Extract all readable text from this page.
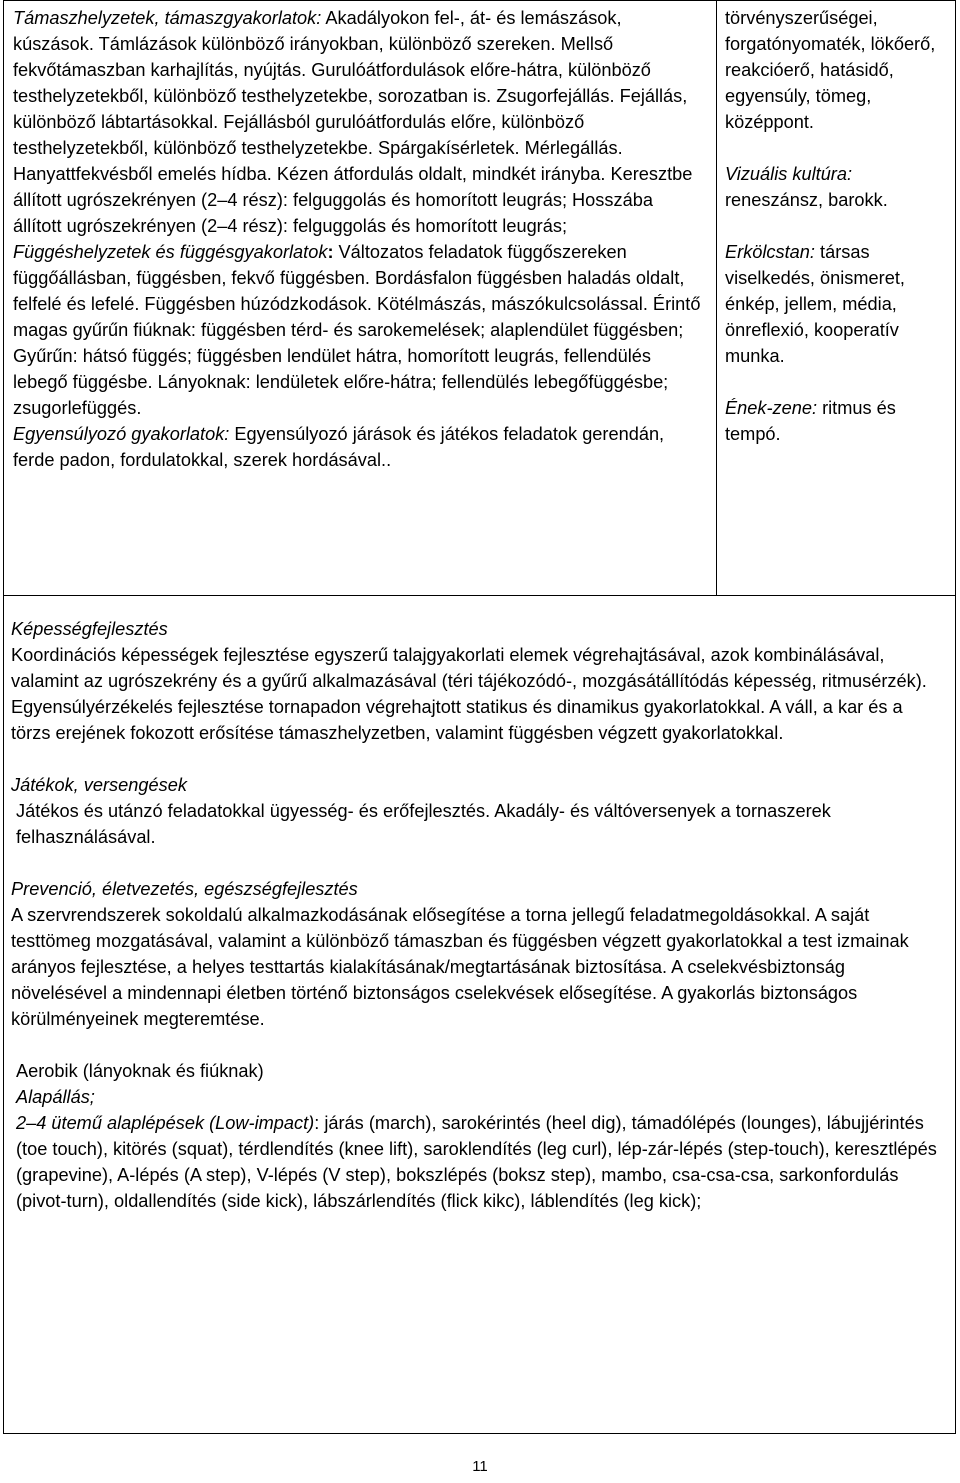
Támaszhelyzetek, támaszgyakorlatok: Akadályokon fel-, át- és lemászások, kúszások. Támlázások különböző irányokban, különböző szereken. Mellső fekvőtámaszban karhajlítás, nyújtás. Gurulóátfordulások előre-hátra, különböző testhelyzetekből, különböző testhelyzetekbe, sorozatban is. Zsugorfejállás. Fejállás, különböző lábtartásokkal. Fejállásból gurulóátfordulás előre, különböző testhelyzetekből, különböző testhelyzetekbe. Spárgakísérletek. Mérlegállás. Hanyattfekvésből emelés hídba. Kézen átfordulás oldalt, mindkét irányba. Keresztbe állított ugrószekrényen (2–4 rész): felguggolás és homorított leugrás; Hosszába állított ugrószekrényen (2–4 rész): felguggolás és homorított leugrás;
Függéshelyzetek és függésgyakorlatok: Változatos feladatok függőszereken függőállásban, függésben, fekvő függésben. Bordásfalon függésben haladás oldalt, felfelé és lefelé. Függésben húzódzkodások. Kötélmászás, mászókulcsolással. Érintő magas gyűrűn fiúknak: függésben térd- és sarokemelések; alaplendület függésben; Gyűrűn: hátsó függés; függésben lendület hátra, homorított leugrás, fellendülés lebegő függésbe. Lányoknak: lendületek előre-hátra; fellendülés lebegőfüggésbe; zsugorlefüggés.
Egyensúlyozó gyakorlatok: Egyensúlyozó járások és játékos feladatok gerendán, ferde padon, fordulatokkal, szerek hordásával..

törvényszerűségei, forgatónyomaték, lökőerő, reakcióerő, hatásidő, egyensúly, tömeg, középpont.

Vizuális kultúra: reneszánsz, barokk.

Erkölcstan: társas viselkedés, önismeret, énkép, jellem, média, önreflexió, kooperatív munka.

Ének-zene: ritmus és tempó.

Képességfejlesztés

Koordinációs képességek fejlesztése egyszerű talajgyakorlati elemek végrehajtásával, azok kombinálásával, valamint az ugrószekrény és a gyűrű alkalmazásával (téri tájékozódó-, mozgásátállítódás képesség, ritmusérzék). Egyensúlyérzékelés fejlesztése tornapadon végrehajtott statikus és dinamikus gyakorlatokkal. A váll, a kar és a törzs erejének fokozott erősítése támaszhelyzetben, valamint függésben végzett gyakorlatokkal.

Játékok, versengések

Játékos és utánzó feladatokkal ügyesség- és erőfejlesztés. Akadály- és váltóversenyek a tornaszerek felhasználásával.

Prevenció, életvezetés, egészségfejlesztés

A szervrendszerek sokoldalú alkalmazkodásának elősegítése a torna jellegű feladatmegoldásokkal. A saját testtömeg mozgatásával, valamint a különböző támaszban és függésben végzett gyakorlatokkal a test izmainak arányos fejlesztése, a helyes testtartás kialakításának/megtartásának biztosítása. A cselekvésbiztonság növelésével a mindennapi életben történő biztonságos cselekvések elősegítése. A gyakorlás biztonságos körülményeinek megteremtése.

Aerobik (lányoknak és fiúknak)

Alapállás;

2–4 ütemű alaplépések (Low-impact): járás (march), sarokérintés (heel dig), támadólépés (lounges), lábujjérintés (toe touch), kitörés (squat), térdlendítés (knee lift), saroklendítés (leg curl), lép-zár-lépés (step-touch), keresztlépés (grapevine), A-lépés (A step), V-lépés (V step), bokszlépés (boksz step), mambo, csa-csa-csa, sarkonfordulás (pivot-turn), oldallendítés (side kick), lábszárlendítés (flick kikc), láblendítés (leg kick);

11
